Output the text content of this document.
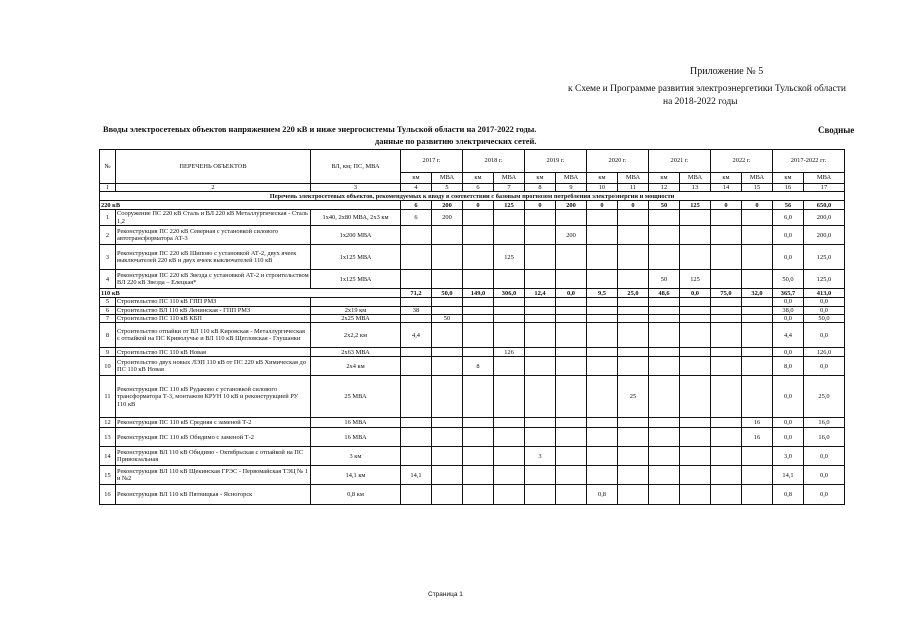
Приложение № 5
к Схеме и Программе развития электроэнергетики Тульской области
на 2018-2022 годы
Вводы электросетевых объектов напряжением 220 кВ и ниже энергосистемы Тульской области на 2017-2022 годы.
данные по развитию электрических сетей.
Сводные
№	ПЕРЕЧЕНЬ ОБЪЕКТОВ	ВЛ, км; ПС, МВА	2017 г.		2018 г.		2019 г.		2020 г.		2021 г.		2022 г.		2017-2022 гг.	
			км	МВА	км	МВА	км	МВА	км	МВА	км	МВА	км	МВА	км	МВА
1	2	3	4	5	6	7	8	9	10	11	12	13	14	15	16	17
Перечень электросетевых объектов, рекомендуемых к вводу в соответствии с базовым прогнозом потребления электроэнергии и мощности																
220 кВ			6	200	0	125	0	200	0	0	50	125	0	0	56	650,0
1	Сооружение ПС 220 кВ Сталь и ВЛ 220 кВ Металлургическая - Сталь 1,2	1х40, 2х80 МВА, 2х3 км	6	200											6,0	200,0
2	Реконструкция ПС 220 кВ Северная с установкой силового автотрансформатора АТ-3	1х200 МВА						200							0,0	200,0
3	Реконструкция ПС 220 кВ Шипово с установкой АТ-2, двух ячеек выключателей 220 кВ и двух ячеек выключателей 110 кВ	1х125 МВА				125									0,0	125,0
4	Реконструкция ПС 220 кВ Звезда с установкой АТ-2 и строительством ВЛ 220 кВ Звезда – Елецкая*	1х125 МВА									50	125			50,0	125,0
110 кВ			71,2	50,0	149,0	306,0	12,4	0,0	9,5	25,0	48,6	0,0	75,0	32,0	365,7	413,0
5	Строительство ПС 110 кВ ГПП РМЗ														0,0	0,0
6	Строительство ВЛ 110 кВ Ленинская - ГПП РМЗ	2х19 км	38												38,0	0,0
7	Строительство ПС 110 кВ КБП	2х25 МВА		50											0,0	50,0
8	Строительство отпайки от ВЛ 110 кВ Кировская - Металлургическая с отпайкой на ПС Криволучье и ВЛ 110 кВ Щегловская - Глушанки	2х2,2 км	4,4												4,4	0,0
9	Строительство ПС 110 кВ Новая	2х63 МВА				126									0,0	126,0
10	Строительство двух новых ЛЭП 110 кВ от ПС 220 кВ Химическая до ПС 110 кВ Новая	2х4 км			8										8,0	0,0
11	Реконструкция ПС 110 кВ Рудаково с установкой силового трансформатора Т-3, монтажом КРУН 10 кВ и реконструкцией РУ 110 кВ	25 МВА								25					0,0	25,0
12	Реконструкция ПС 110 кВ Средняя с заменой Т-2	16 МВА												16	0,0	16,0
13	Реконструкция ПС 110 кВ Обидимо с заменой Т-2	16 МВА												16	0,0	16,0
14	Реконструкция ВЛ 110 кВ Обидимо - Октябрьская с отпайкой на ПС Привокзальная	3 км					3								3,0	0,0
15	Реконструкция ВЛ 110 кВ Щекинская ГРЭС - Первомайская ТЭЦ № 1 и №2	14,1 км	14,1												14,1	0,0
16	Реконструкция ВЛ 110 кВ Пятницкая - Ясногорск	0,8 км							0,8						0,8	0,0
Страница 1
